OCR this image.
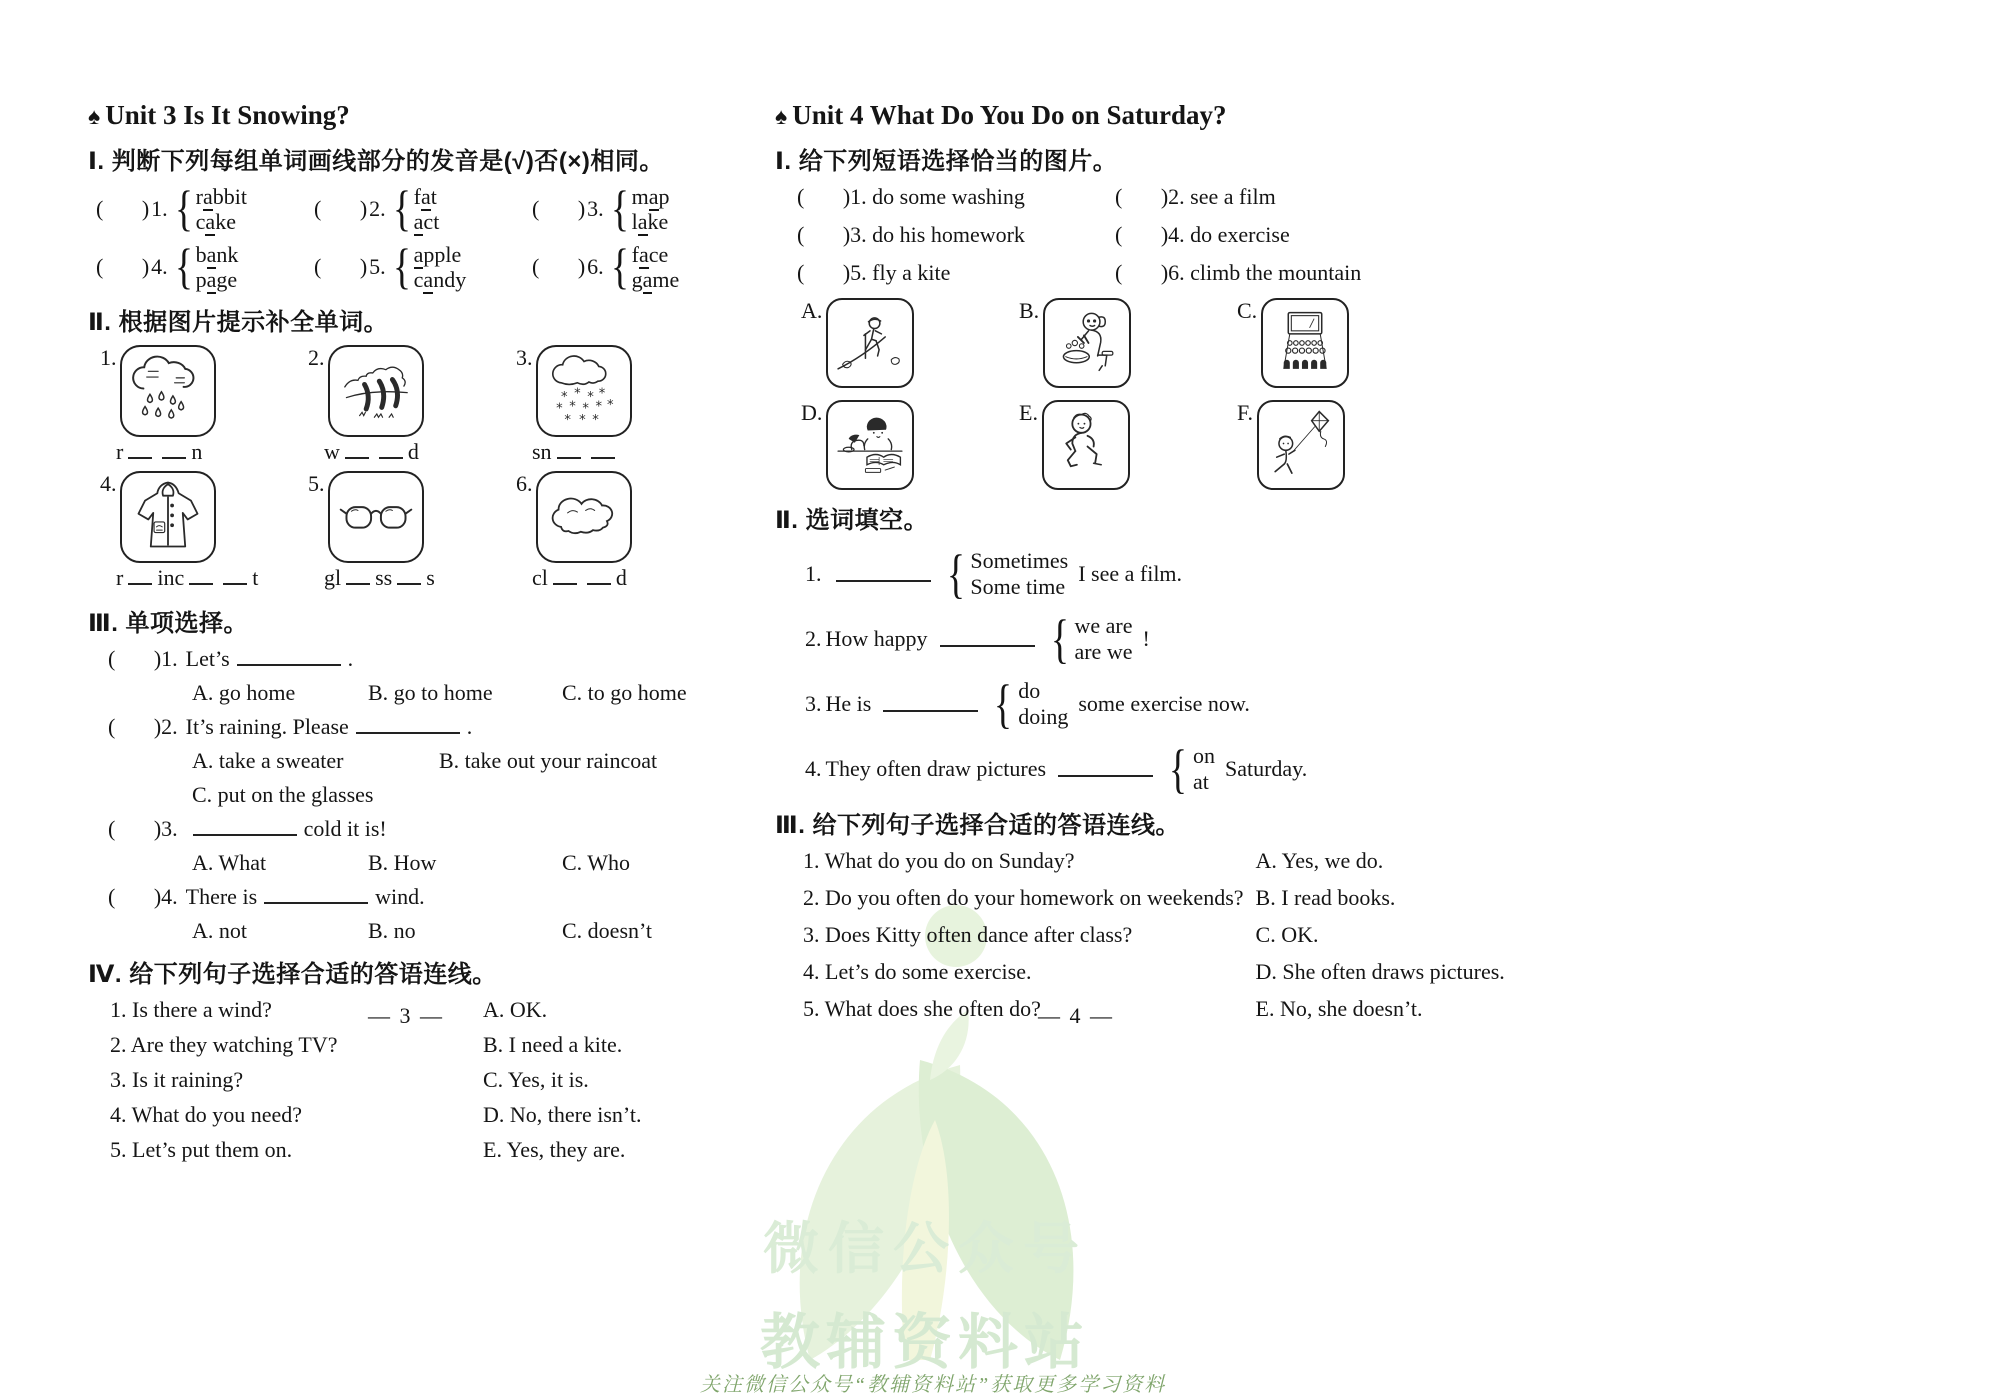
微信公众号
教辅资料站
关注微信公众号“教辅资料站”获取更多学习资料
♠ Unit 3 Is It Snowing?
Ⅰ. 判断下列每组单词画线部分的发音是(√)否(×)相同。
(       ) 1. { rabbit
cake
(       ) 2. { fat
act
(       ) 3. { map
lake
(       ) 4. { bank
page
(       ) 5. { apple
candy
(       ) 6. { face
game
Ⅱ. 根据图片提示补全单词。
1.
r	n
2.
w	d
3.
* * * *
* * * * *
* * *
sn
4.
r inc	t
5.
gl ss s
6.
cl	d
Ⅲ. 单项选择。
(       ) 1. Let’s	.
A. go home	B. go to home	C. to go home
(       ) 2. It’s raining. Please	.
A. take a sweater	B. take out your raincoat
C. put on the glasses
(       ) 3.	cold it is!
A. What	B. How	C. Who
(       ) 4. There is	wind.
A. not	B. no	C. doesn’t
Ⅳ. 给下列句子选择合适的答语连线。
1. Is there a wind?	A. OK.
2. Are they watching TV?	B. I need a kite.
3. Is it raining?	C. Yes, it is.
4. What do you need?	D. No, there isn’t.
5. Let’s put them on.	E. Yes, they are.
♠ Unit 4 What Do You Do on Saturday?
Ⅰ. 给下列短语选择恰当的图片。
(       ) 1. do some washing	(       ) 2. see a film
(       ) 3. do his homework	(       ) 4. do exercise
(       ) 5. fly a kite	(       ) 6. climb the mountain
A.	B.	C.
D.	E.	F.
Ⅱ. 选词填空。
1. { Sometimes
Some time
I see a film.
2. How happy { we are
are we
!
3. He is { do
doing
some exercise now.
4. They often draw pictures { on
at
Saturday.
Ⅲ. 给下列句子选择合适的答语连线。
1. What do you do on Sunday?	A. Yes, we do.
2. Do you often do your homework on weekends? B. I read books.
3. Does Kitty often dance after class?	C. OK.
4. Let’s do some exercise.	D. She often draws pictures.
5. What does she often do?	E. No, she doesn’t.
— 3 —	— 4 —
